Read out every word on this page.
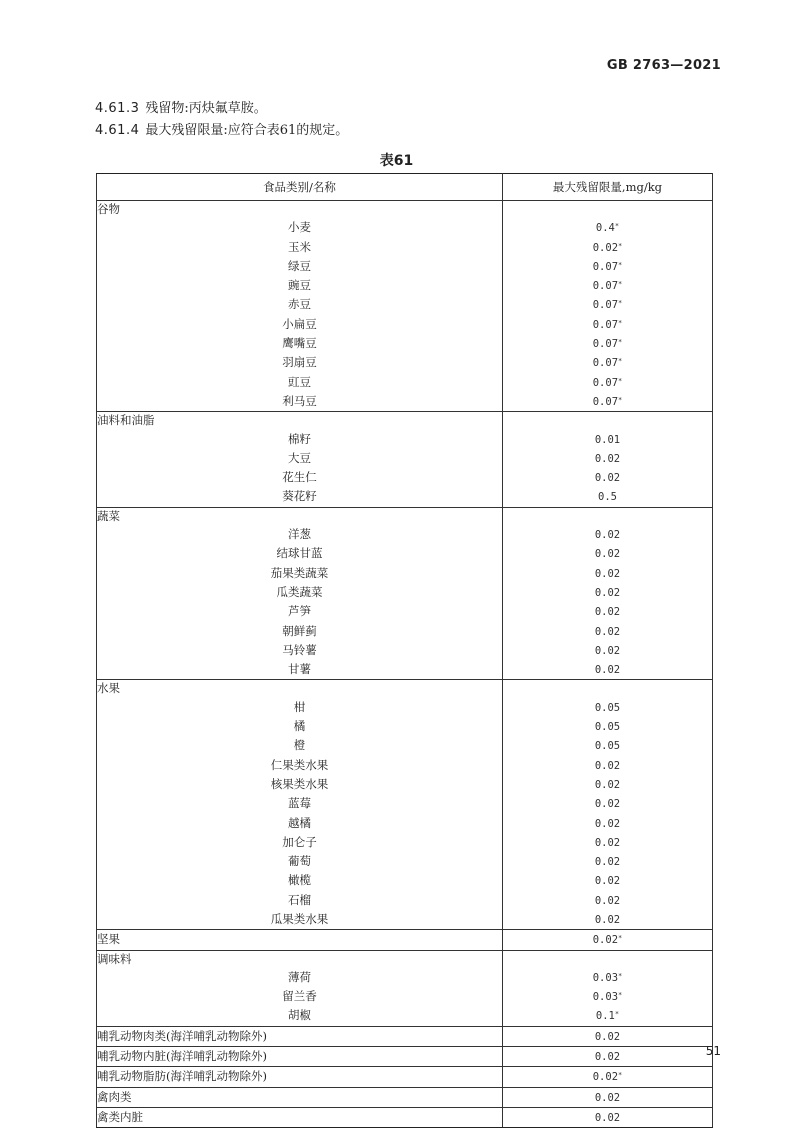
GB 2763—2021
4.61.3 残留物:丙炔氟草胺。
4.61.4 最大残留限量:应符合表61的规定。
表61
食品类别/名称	最大残留限量,mg/kg
谷物	
小麦	0.4*
玉米	0.02*
绿豆	0.07*
豌豆	0.07*
赤豆	0.07*
小扁豆	0.07*
鹰嘴豆	0.07*
羽扇豆	0.07*
豇豆	0.07*
利马豆	0.07*
油料和油脂	
棉籽	0.01
大豆	0.02
花生仁	0.02
葵花籽	0.5
蔬菜	
洋葱	0.02
结球甘蓝	0.02
茄果类蔬菜	0.02
瓜类蔬菜	0.02
芦笋	0.02
朝鲜蓟	0.02
马铃薯	0.02
甘薯	0.02
水果	
柑	0.05
橘	0.05
橙	0.05
仁果类水果	0.02
核果类水果	0.02
蓝莓	0.02
越橘	0.02
加仑子	0.02
葡萄	0.02
橄榄	0.02
石榴	0.02
瓜果类水果	0.02
坚果	0.02*
调味料	
薄荷	0.03*
留兰香	0.03*
胡椒	0.1*
哺乳动物肉类(海洋哺乳动物除外)	0.02
哺乳动物内脏(海洋哺乳动物除外)	0.02
哺乳动物脂肪(海洋哺乳动物除外)	0.02*
禽肉类	0.02
禽类内脏	0.02
51
